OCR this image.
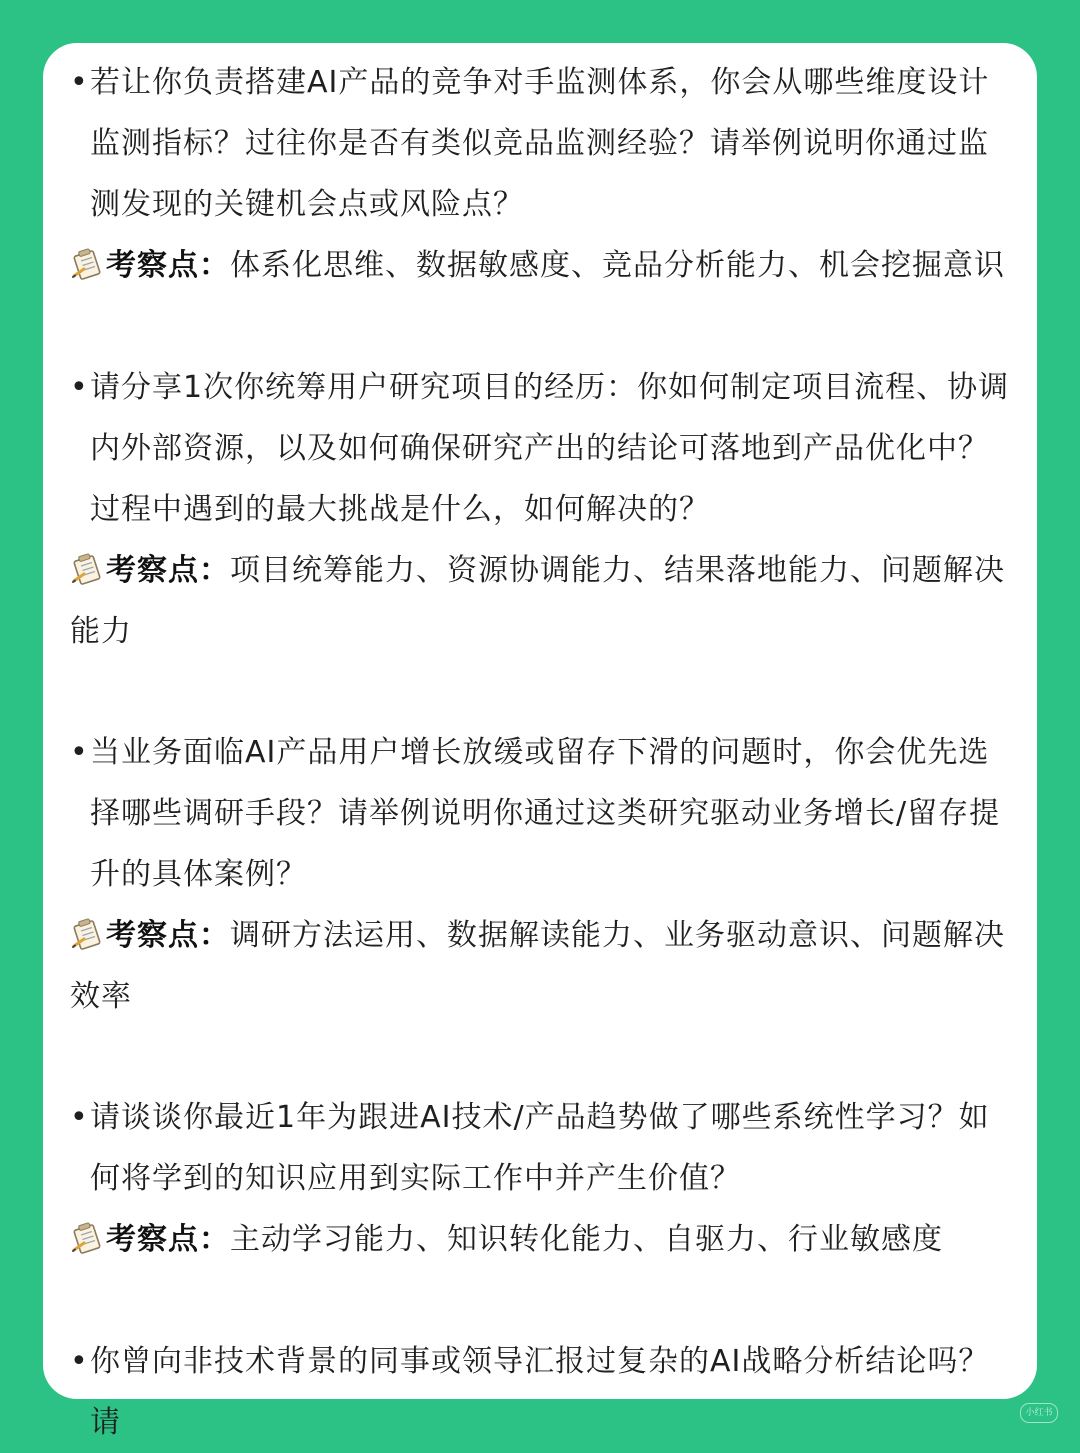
• 若让你负责搭建AI产品的竞争对手监测体系，你会从哪些维度设计监测指标？过往你是否有类似竞品监测经验？请举例说明你通过监测发现的关键机会点或风险点？
考察点：体系化思维、数据敏感度、竞品分析能力、机会挖掘意识
• 请分享1次你统筹用户研究项目的经历：你如何制定项目流程、协调内外部资源，以及如何确保研究产出的结论可落地到产品优化中？过程中遇到的最大挑战是什么，如何解决的？
考察点：项目统筹能力、资源协调能力、结果落地能力、问题解决能力
• 当业务面临AI产品用户增长放缓或留存下滑的问题时，你会优先选择哪些调研手段？请举例说明你通过这类研究驱动业务增长/留存提升的具体案例？
考察点：调研方法运用、数据解读能力、业务驱动意识、问题解决效率
• 请谈谈你最近1年为跟进AI技术/产品趋势做了哪些系统性学习？如何将学到的知识应用到实际工作中并产生价值？
考察点：主动学习能力、知识转化能力、自驱力、行业敏感度
• 你曾向非技术背景的同事或领导汇报过复杂的AI战略分析结论吗？请	小红书
